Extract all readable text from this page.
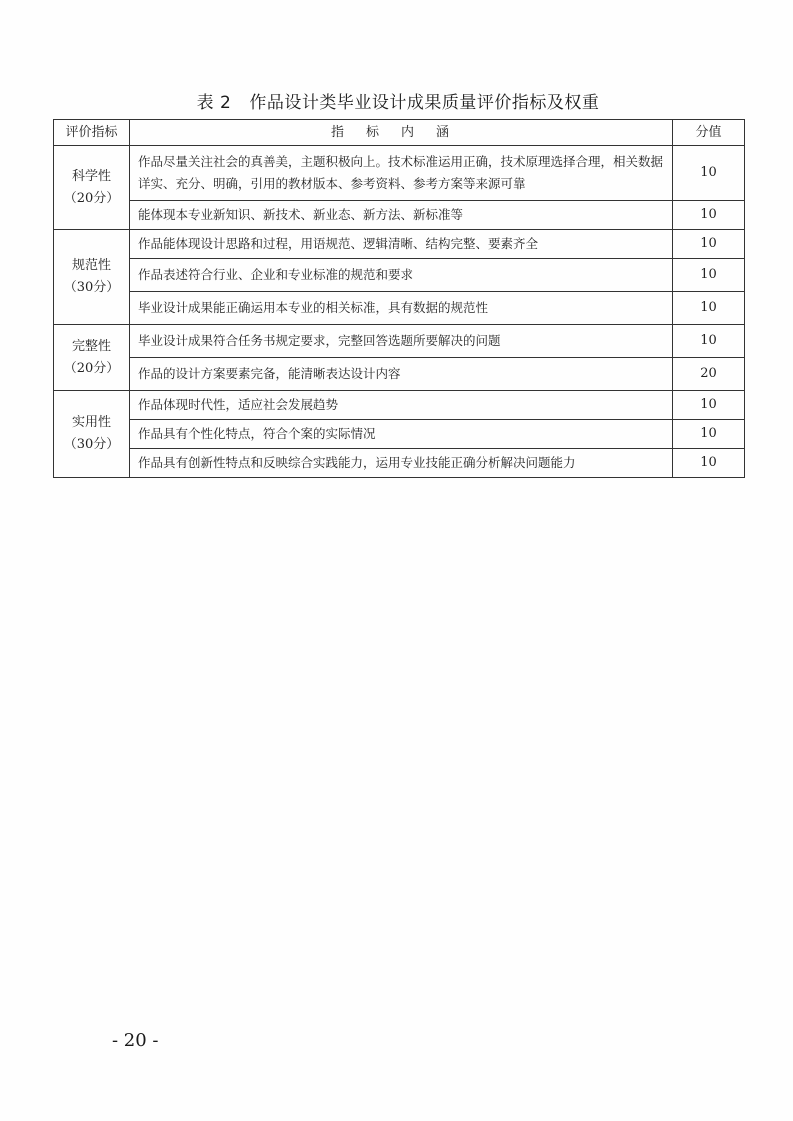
表 2 作品设计类毕业设计成果质量评价指标及权重
评价指标	指标内涵	分值

科学性
（20分）	作品尽量关注社会的真善美，主题积极向上。技术标准运用正确，技术原理选择合理，相关数据详实、充分、明确，引用的教材版本、参考资料、参考方案等来源可靠	10
	能体现本专业新知识、新技术、新业态、新方法、新标准等	10

规范性
（30分）	作品能体现设计思路和过程，用语规范、逻辑清晰、结构完整、要素齐全	10
	作品表述符合行业、企业和专业标准的规范和要求	10
	毕业设计成果能正确运用本专业的相关标准，具有数据的规范性	10

完整性
（20分）	毕业设计成果符合任务书规定要求，完整回答选题所要解决的问题	10
	作品的设计方案要素完备，能清晰表达设计内容	20

实用性
（30分）	作品体现时代性，适应社会发展趋势	10
	作品具有个性化特点，符合个案的实际情况	10
	作品具有创新性特点和反映综合实践能力，运用专业技能正确分析解决问题能力	10
- 20 -
